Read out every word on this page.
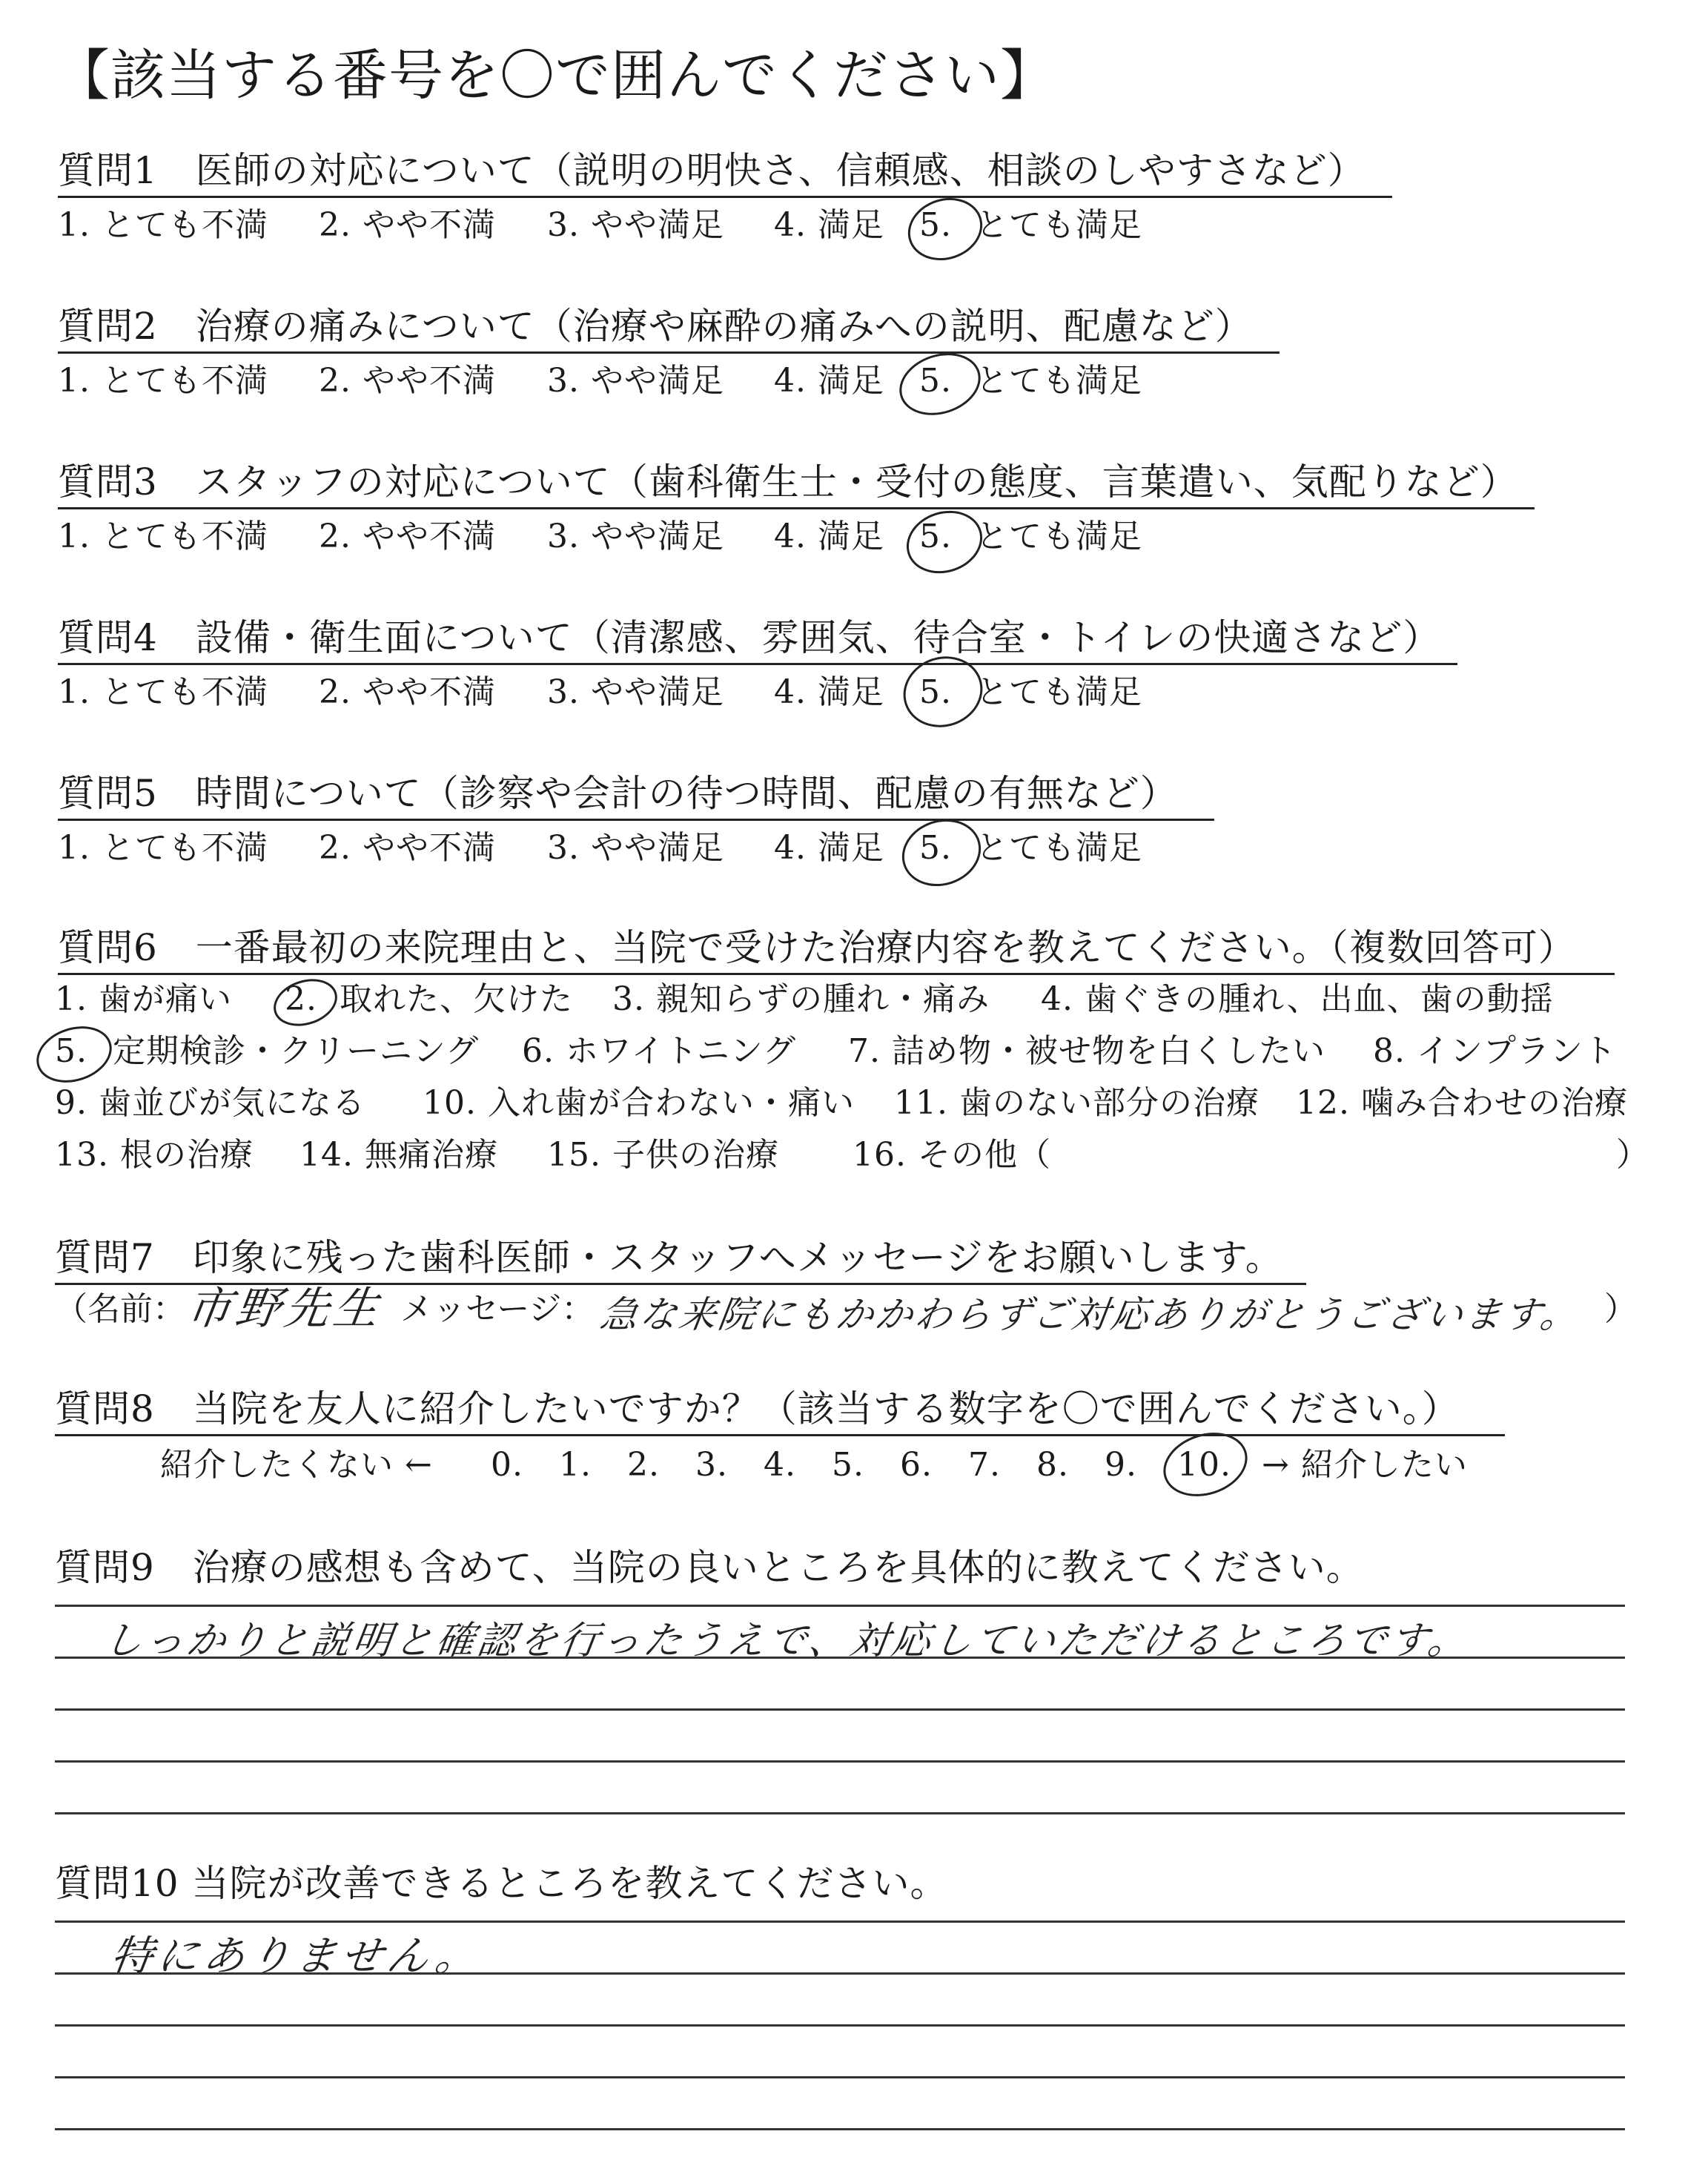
【該当する番号を〇で囲んでください】
質問1　医師の対応について（説明の明快さ、信頼感、相談のしやすさなど）
1. とても不満 2. やや不満 3. やや満足 4. 満足 5. とても満足
質問2　治療の痛みについて（治療や麻酔の痛みへの説明、配慮など）
1. とても不満 2. やや不満 3. やや満足 4. 満足 5. とても満足
質問3　スタッフの対応について（歯科衛生士・受付の態度、言葉遣い、気配りなど）
1. とても不満 2. やや不満 3. やや満足 4. 満足 5. とても満足
質問4　設備・衛生面について（清潔感、雰囲気、待合室・トイレの快適さなど）
1. とても不満 2. やや不満 3. やや満足 4. 満足 5. とても満足
質問5　時間について（診察や会計の待つ時間、配慮の有無など）
1. とても不満 2. やや不満 3. やや満足 4. 満足 5. とても満足
質問6　一番最初の来院理由と、当院で受けた治療内容を教えてください。（複数回答可）
1. 歯が痛い 2. 取れた、欠けた 3. 親知らずの腫れ・痛み 4. 歯ぐきの腫れ、出血、歯の動揺
5. 定期検診・クリーニング 6. ホワイトニング 7. 詰め物・被せ物を白くしたい 8. インプラント
9. 歯並びが気になる 10. 入れ歯が合わない・痛い 11. 歯のない部分の治療 12. 噛み合わせの治療
13. 根の治療 14. 無痛治療 15. 子供の治療 16. その他（	）
質問7　印象に残った歯科医師・スタッフへメッセージをお願いします。
（名前：
市野先生 メッセージ： 急な来院にもかかわらずご対応ありがとうございます。 ）
質問8　当院を友人に紹介したいですか？（該当する数字を〇で囲んでください。）
紹介したくない ← 0. 1. 2. 3. 4. 5. 6. 7. 8. 9. 10. → 紹介したい
質問9　治療の感想も含めて、当院の良いところを具体的に教えてください。
しっかりと説明と確認を行ったうえで、対応していただけるところです。
質問10 当院が改善できるところを教えてください。
特にありません。
